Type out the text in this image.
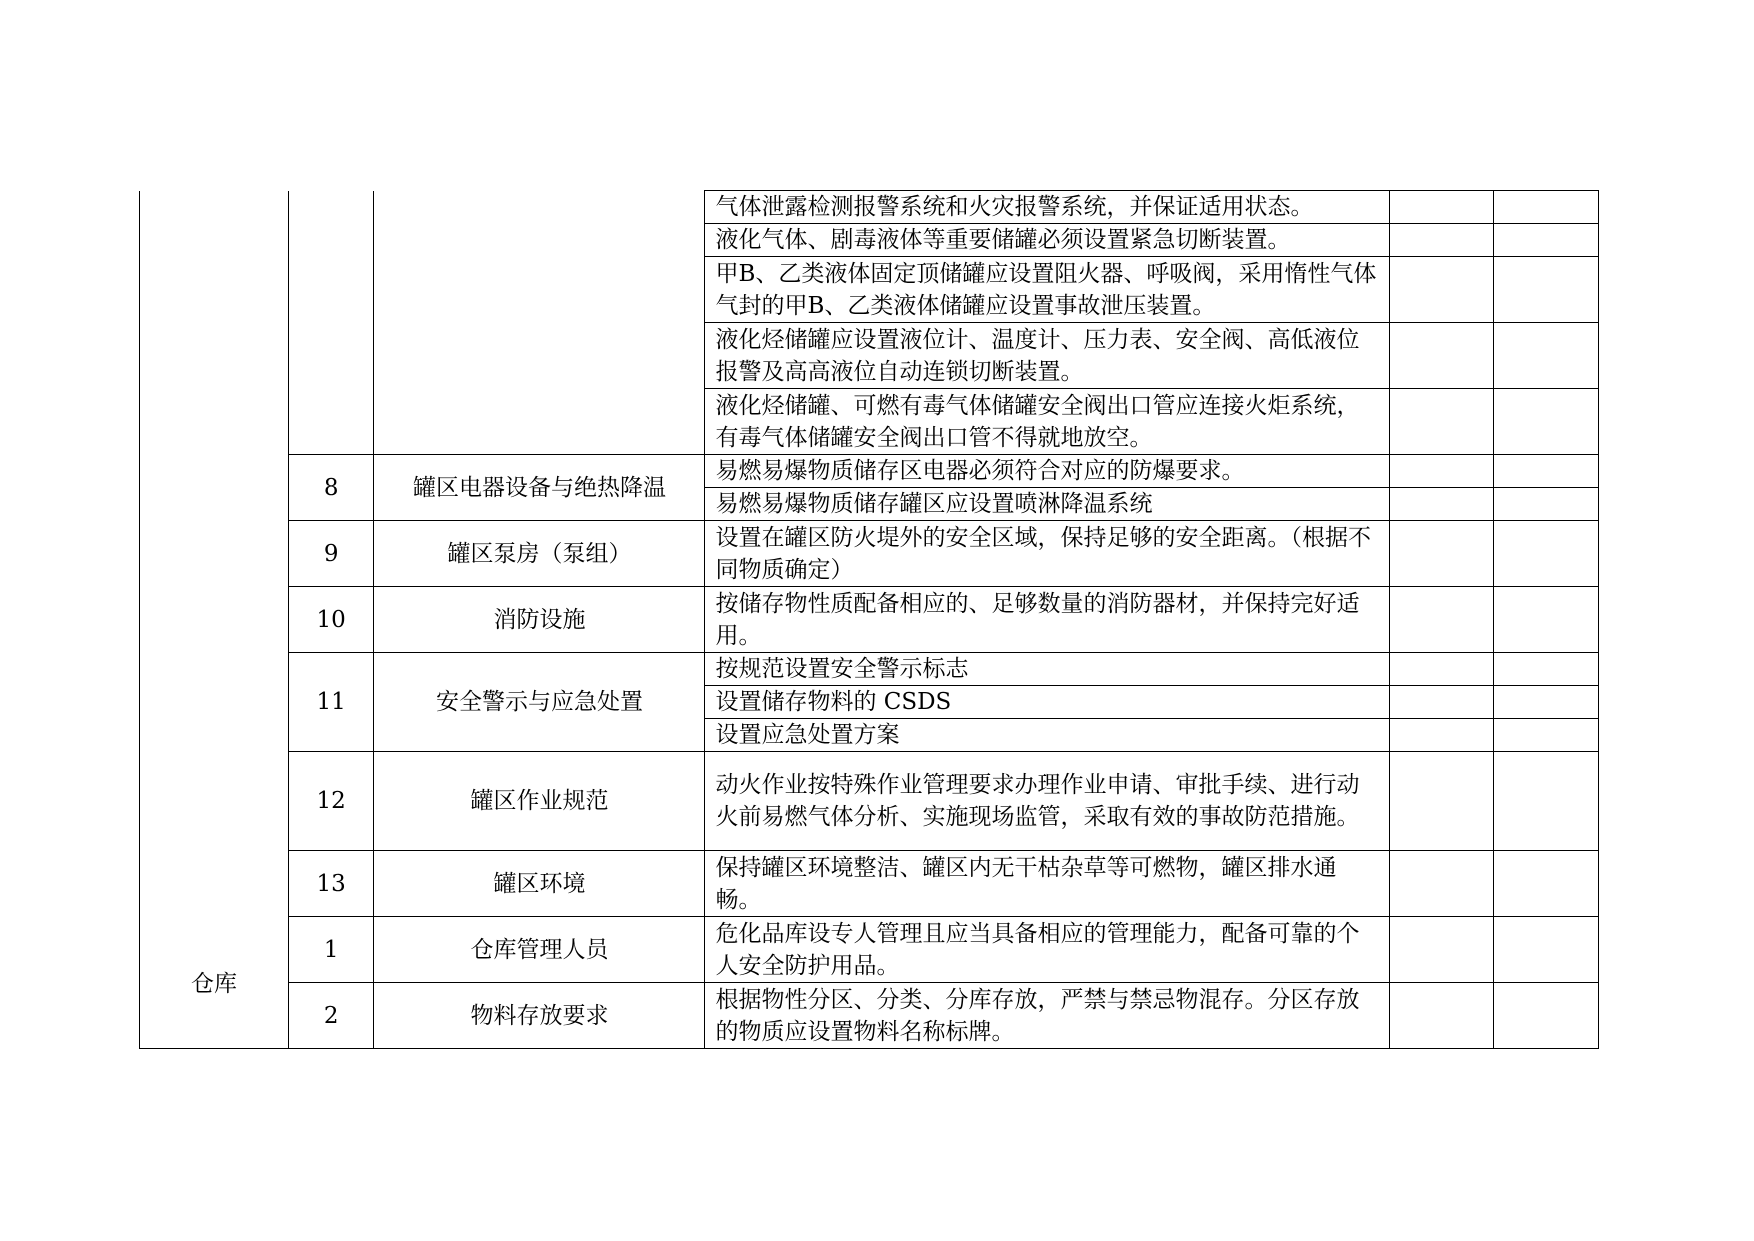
			气体泄露检测报警系统和火灾报警系统，并保证适用状态。		
			液化气体、剧毒液体等重要储罐必须设置紧急切断装置。		
			甲B、乙类液体固定顶储罐应设置阻火器、呼吸阀，采用惰性气体气封的甲B、乙类液体储罐应设置事故泄压装置。		
			液化烃储罐应设置液位计、温度计、压力表、安全阀、高低液位报警及高高液位自动连锁切断装置。		
			液化烃储罐、可燃有毒气体储罐安全阀出口管应连接火炬系统，有毒气体储罐安全阀出口管不得就地放空。		
	8	罐区电器设备与绝热降温	易燃易爆物质储存区电器必须符合对应的防爆要求。		
			易燃易爆物质储存罐区应设置喷淋降温系统		
	9	罐区泵房（泵组）	设置在罐区防火堤外的安全区域，保持足够的安全距离。（根据不同物质确定）		
仓库	10	消防设施	按储存物性质配备相应的、足够数量的消防器材，并保持完好适用。		
	11	安全警示与应急处置	按规范设置安全警示标志		
			设置储存物料的 CSDS		
			设置应急处置方案		
	12	罐区作业规范	动火作业按特殊作业管理要求办理作业申请、审批手续、进行动火前易燃气体分析、实施现场监管，采取有效的事故防范措施。		
	13	罐区环境	保持罐区环境整洁、罐区内无干枯杂草等可燃物，罐区排水通畅。		
	1	仓库管理人员	危化品库设专人管理且应当具备相应的管理能力，配备可靠的个人安全防护用品。		
	2	物料存放要求	根据物性分区、分类、分库存放，严禁与禁忌物混存。分区存放的物质应设置物料名称标牌。		
